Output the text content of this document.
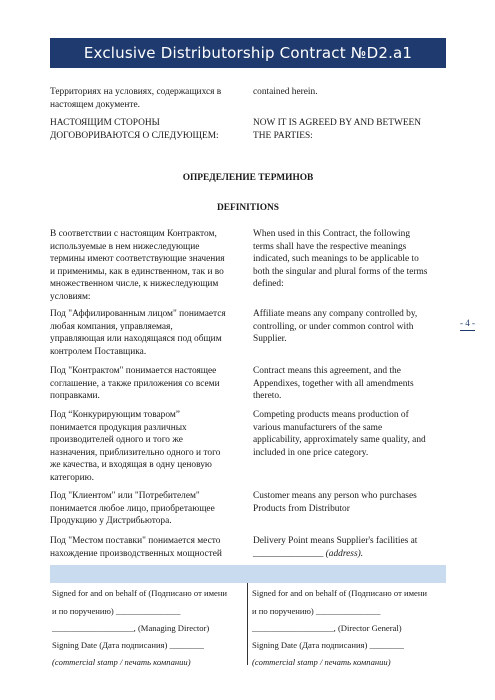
Exclusive Distributorship Contract №D2.a1
- 4 -

Территориях на условиях, содержащихся в
настоящем документе.

contained herein.

НАСТОЯЩИМ СТОРОНЫ
ДОГОВОРИВАЮТСЯ О СЛЕДУЮЩЕМ:

NOW IT IS AGREED BY AND BETWEEN
THE PARTIES:

ОПРЕДЕЛЕНИЕ ТЕРМИНОВ
DEFINITIONS

В соответствии с настоящим Контрактом,
используемые в нем нижеследующие
термины имеют соответствующие значения
и применимы, как в единственном, так и во
множественном числе, к нижеследующим
условиям:

When used in this Contract, the following
terms shall have the respective meanings
indicated, such meanings to be applicable to
both the singular and plural forms of the terms
defined:

Под "Аффилированным лицом" понимается
любая компания, управляемая,
управляющая или находящаяся под общим
контролем Поставщика.

Affiliate means any company controlled by,
controlling, or under common control with
Supplier.

Под "Контрактом" понимается настоящее
соглашение, а также приложения со всеми
поправками.

Contract means this agreement, and the
Appendixes, together with all amendments
thereto.

Под “Конкурирующим товаром”
понимается продукция различных
производителей одного и того же
назначения, приблизительно одного и того
же качества, и входящая в одну ценовую
категорию.

Competing products means production of
various manufacturers of the same
applicability, approximately same quality, and
included in one price category.

Под "Клиентом" или "Потребителем"
понимается любое лицо, приобретающее
Продукцию у Дистрибьютора.

Customer means any person who purchases
Products from Distributor

Под "Местом поставки" понимается место
нахождение производственных мощностей

Delivery Point means Supplier's facilities at
_______________ (address).

Signed for and on behalf of (Подписано от имени

и по поручению) _______________

___________________, (Managing Director)

Signing Date (Дата подписания) ________

(commercial stamp / печать компании)

Signed for and on behalf of (Подписано от имени

и по поручению) _______________

___________________, (Director General)

Signing Date (Дата подписания) ________

(commercial stamp / печать компании)
